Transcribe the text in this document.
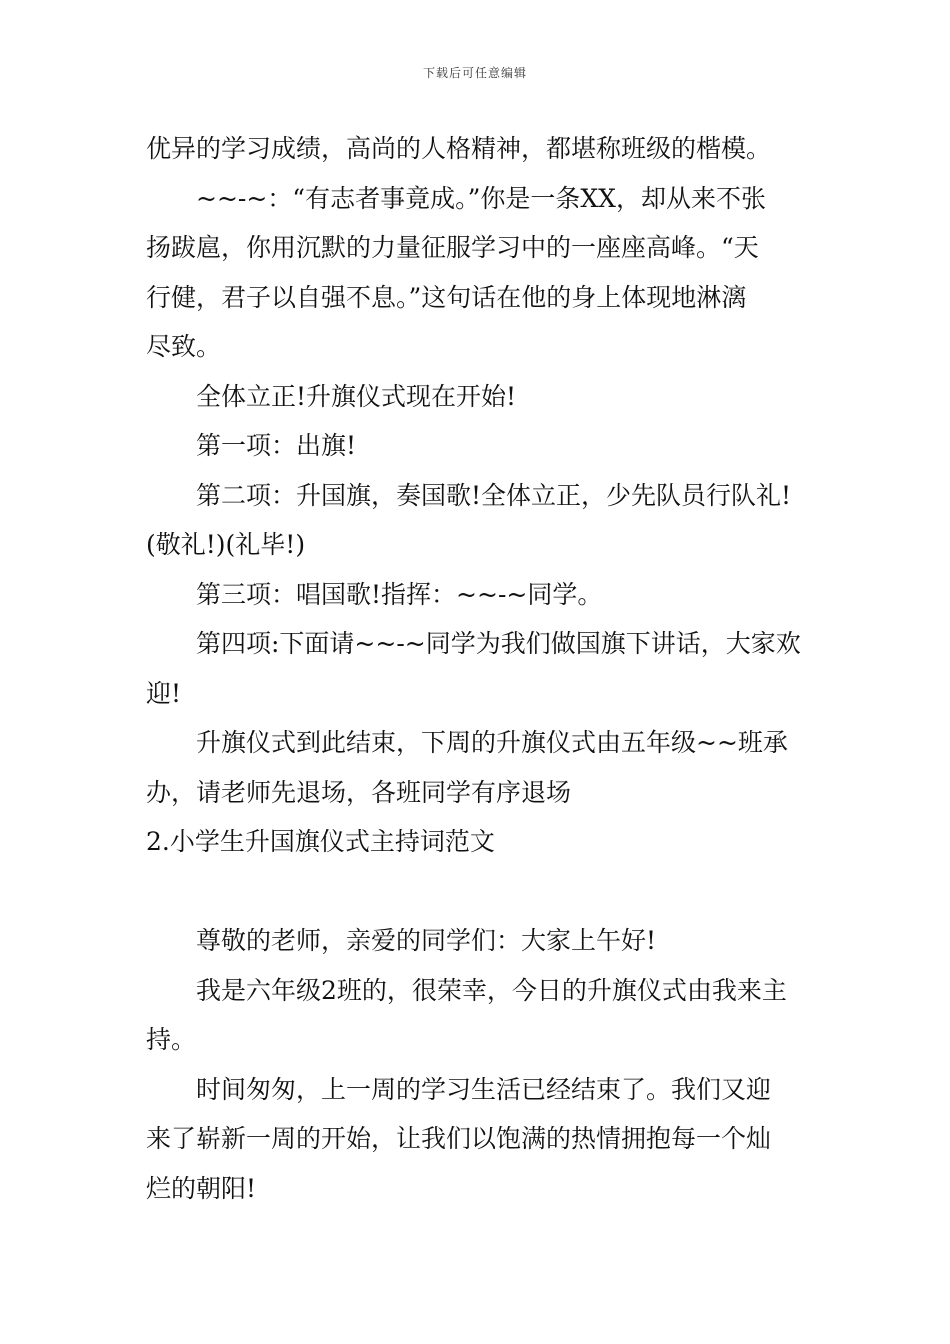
下载后可任意编辑
优异的学习成绩，高尚的人格精神，都堪称班级的楷模。
~~-~：“有志者事竟成。”你是一条XX，却从来不张
扬跋扈，你用沉默的力量征服学习中的一座座高峰。“天
行健，君子以自强不息。”这句话在他的身上体现地淋漓
尽致。
全体立正!升旗仪式现在开始!
第一项：出旗!
第二项：升国旗，奏国歌!全体立正，少先队员行队礼!
(敬礼!)(礼毕!)
第三项：唱国歌!指挥：~~-~同学。
第四项:下面请~~-~同学为我们做国旗下讲话，大家欢
迎!
升旗仪式到此结束，下周的升旗仪式由五年级~~班承
办，请老师先退场，各班同学有序退场
2.小学生升国旗仪式主持词范文
尊敬的老师，亲爱的同学们：大家上午好!
我是六年级2班的，很荣幸，今日的升旗仪式由我来主
持。
时间匆匆，上一周的学习生活已经结束了。我们又迎
来了崭新一周的开始，让我们以饱满的热情拥抱每一个灿
烂的朝阳!
